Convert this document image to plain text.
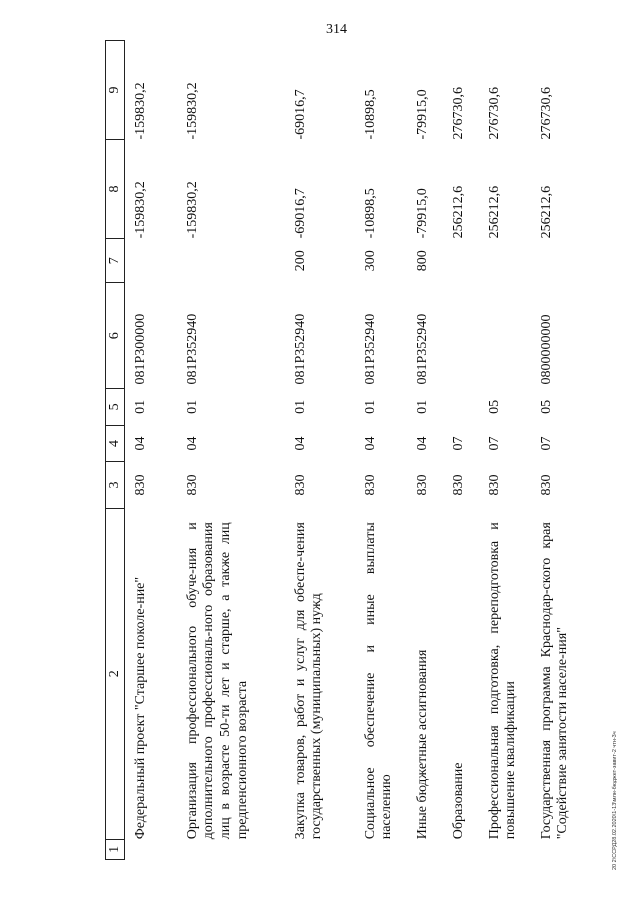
314
20 2\ССРД28.02.2020\1-13\млн-бюджет-завит-2 чтн-3ч
1	2	3	4	5	6	7	8	9

	Федеральный проект "Старшее поколе-ние"	830	04	01	081P300000		-159830,2	-159830,2
	Организация профессионального обуче-ния и дополнительного профессиональ-ного образования лиц в возрасте 50-ти лет и старше, а также лиц предпенсионного возраста	830	04	01	081P352940		-159830,2	-159830,2
	Закупка товаров, работ и услуг для обеспе-чения государственных (муниципальных) нужд	830	04	01	081P352940	200	-69016,7	-69016,7
	Социальное обеспечение и иные выплаты населению	830	04	01	081P352940	300	-10898,5	-10898,5
	Иные бюджетные ассигнования	830	04	01	081P352940	800	-79915,0	-79915,0
	Образование	830	07				256212,6	276730,6
	Профессиональная подготовка, переподготовка и повышение квалификации	830	07	05			256212,6	276730,6
	Государственная программа Краснодар-ского края "Содействие занятости населе-ния"	830	07	05	0800000000		256212,6	276730,6
